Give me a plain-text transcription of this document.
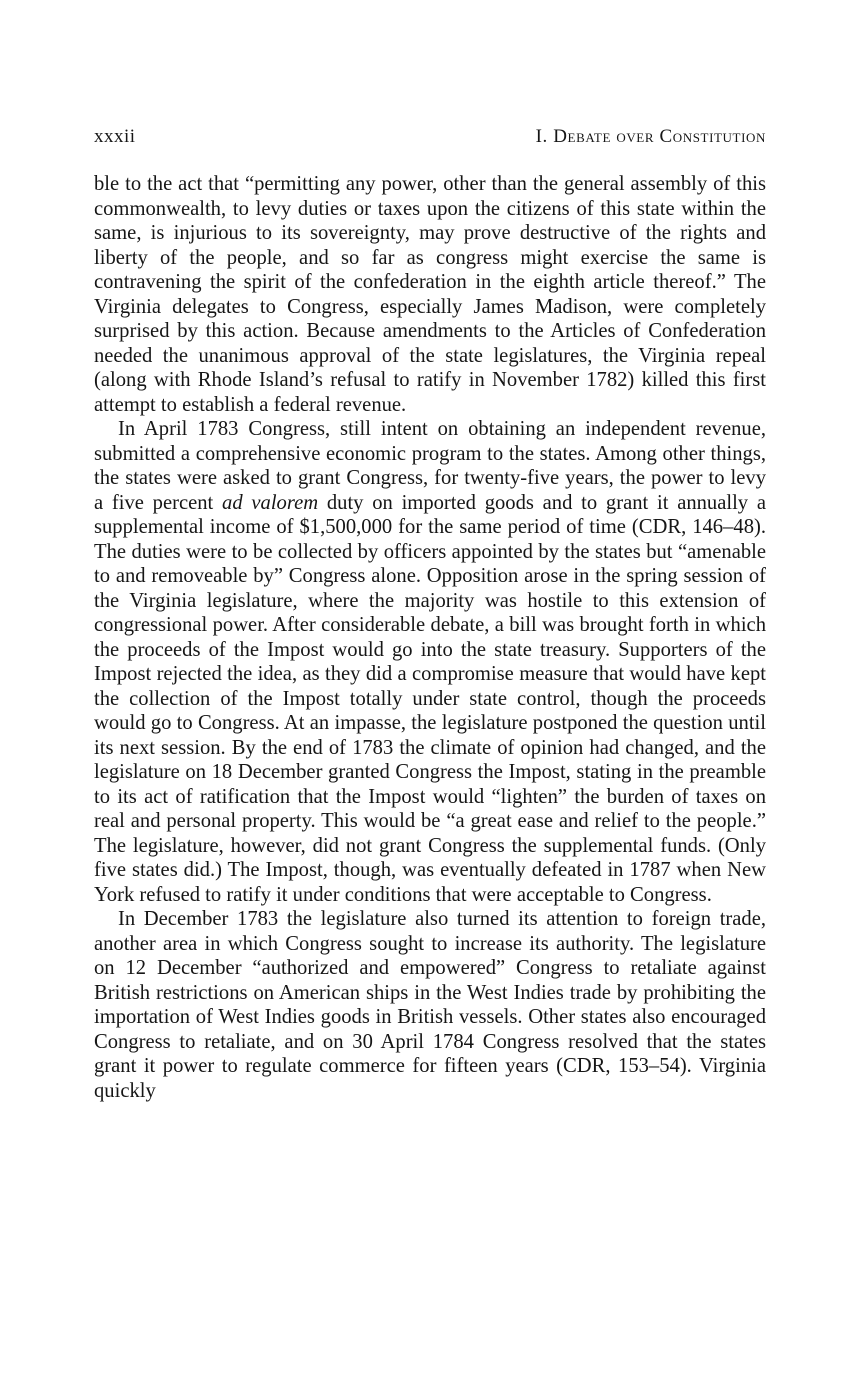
xxxii	I. Debate over Constitution

ble to the act that “permitting any power, other than the general assembly of this commonwealth, to levy duties or taxes upon the citizens of this state within the same, is injurious to its sovereignty, may prove destructive of the rights and liberty of the people, and so far as congress might exercise the same is contravening the spirit of the confederation in the eighth article thereof.” The Virginia delegates to Congress, especially James Madison, were completely surprised by this action. Because amendments to the Articles of Confederation needed the unanimous approval of the state legislatures, the Virginia repeal (along with Rhode Island’s refusal to ratify in November 1782) killed this first attempt to establish a federal revenue.

In April 1783 Congress, still intent on obtaining an independent revenue, submitted a comprehensive economic program to the states. Among other things, the states were asked to grant Congress, for twenty-five years, the power to levy a five percent ad valorem duty on imported goods and to grant it annually a supplemental income of $1,500,000 for the same period of time (CDR, 146–48). The duties were to be collected by officers appointed by the states but “amenable to and removeable by” Congress alone. Opposition arose in the spring session of the Virginia legislature, where the majority was hostile to this extension of congressional power. After considerable debate, a bill was brought forth in which the proceeds of the Impost would go into the state treasury. Supporters of the Impost rejected the idea, as they did a compromise measure that would have kept the collection of the Impost totally under state control, though the proceeds would go to Congress. At an impasse, the legislature postponed the question until its next session. By the end of 1783 the climate of opinion had changed, and the legislature on 18 December granted Congress the Impost, stating in the preamble to its act of ratification that the Impost would “lighten” the burden of taxes on real and personal property. This would be “a great ease and relief to the people.” The legislature, however, did not grant Congress the supplemental funds. (Only five states did.) The Impost, though, was eventually defeated in 1787 when New York refused to ratify it under conditions that were acceptable to Congress.

In December 1783 the legislature also turned its attention to foreign trade, another area in which Congress sought to increase its authority. The legislature on 12 December “authorized and empowered” Congress to retaliate against British restrictions on American ships in the West Indies trade by prohibiting the importation of West Indies goods in British vessels. Other states also encouraged Congress to retaliate, and on 30 April 1784 Congress resolved that the states grant it power to regulate commerce for fifteen years (CDR, 153–54). Virginia quickly
